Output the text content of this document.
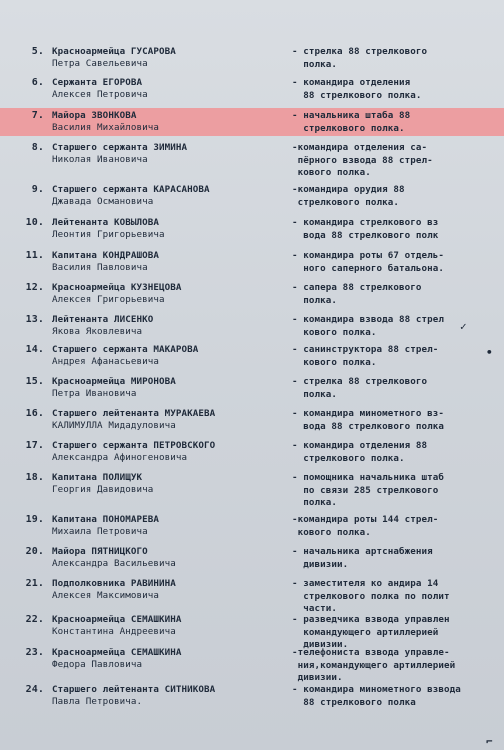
5. Красноармейца ГУСАРОВА
Петра Савельевича
- стрелка 88 стрелкового
полка.
6. Сержанта ЕГОРОВА
Алексея Петровича
- командира отделения
88 стрелкового полка.
7. Майора ЗВОНКОВА
Василия Михайловича
- начальника штаба 88
стрелкового полка.
8. Старшего сержанта ЗИМИНА
Николая Ивановича
-командира отделения са-
пёрного взвода 88 стрел-
кового полка.
9. Старшего сержанта КАРАСАНОВА
Джавада Османовича
-командира орудия 88
стрелкового полка.
10. Лейтенанта КОВЫЛОВА
Леонтия Григорьевича
- командира стрелкового вз
вода 88 стрелкового полк
11. Капитана КОНДРАШОВА
Василия Павловича
- командира роты 67 отдель-
ного саперного батальона.
12. Красноармейца КУЗНЕЦОВА
Алексея Григорьевича
- сапера 88 стрелкового
полка.
13. Лейтенанта ЛИСЕНКО
Якова Яковлевича
- командира взвода 88 стрел
кового полка.
14. Старшего сержанта МАКАРОВА
Андрея Афанасьевича
- санинструктора 88 стрел-
кового полка.
15. Красноармейца МИРОНОВА
Петра Ивановича
- стрелка 88 стрелкового
полка.
16. Старшего лейтенанта МУРАКАЕВА
КАЛИМУЛЛА Мидадуловича
- командира минометного вз-
вода 88 стрелкового полка
17. Старшего сержанта ПЕТРОВСКОГО
Александра Афиногеновича
- командира отделения 88
стрелкового полка.
18. Капитана ПОЛИЩУК
Георгия Давидовича
- помощника начальника штаб
по связи 285 стрелкового
полка.
19. Капитана ПОНОМАРЕВА
Михаила Петровича
-командира роты 144 стрел-
кового полка.
20. Майора ПЯТНИЦКОГО
Александра Васильевича
- начальника артснабжения
дивизии.
21. Подполковника РАВИНИНА
Алексея Максимовича
- заместителя ко андира 14
стрелкового полка по полит
части.
22. Красноармейца СЕМАШКИНА
Константина Андреевича
- разведчика взвода управлен
командующего артиллерией
дивизии.
23. Красноармейца СЕМАШКИНА
Федора Павловича
-телефониста взвода управле-
ния,командующего артиллерией
дивизии.
24. Старшего лейтенанта СИТНИКОВА
Павла Петровича.
- командира минометного взвода
88 стрелкового полка
✓
•
⌐
